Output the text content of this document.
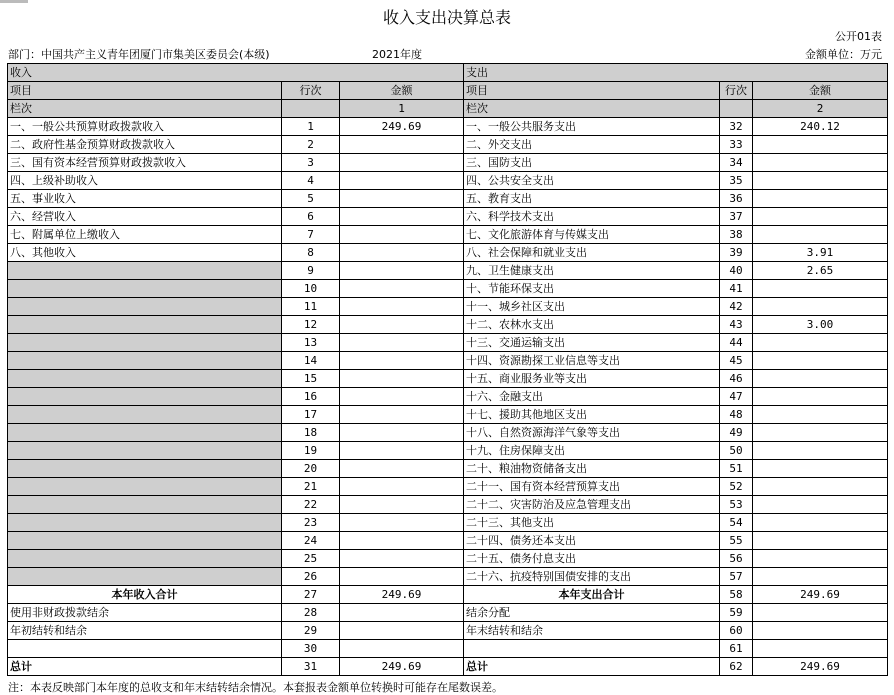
收入支出决算总表
公开01表
部门：中国共产主义青年团厦门市集美区委员会(本级)	2021年度	金额单位：万元
收入			支出		
项目	行次	金额	项目	行次	金额
栏次		1	栏次		2
一、一般公共预算财政拨款收入	1	249.69	一、一般公共服务支出	32	240.12
二、政府性基金预算财政拨款收入	2		二、外交支出	33	
三、国有资本经营预算财政拨款收入	3		三、国防支出	34	
四、上级补助收入	4		四、公共安全支出	35	
五、事业收入	5		五、教育支出	36	
六、经营收入	6		六、科学技术支出	37	
七、附属单位上缴收入	7		七、文化旅游体育与传媒支出	38	
八、其他收入	8		八、社会保障和就业支出	39	3.91
	9		九、卫生健康支出	40	2.65
	10		十、节能环保支出	41	
	11		十一、城乡社区支出	42	
	12		十二、农林水支出	43	3.00
	13		十三、交通运输支出	44	
	14		十四、资源勘探工业信息等支出	45	
	15		十五、商业服务业等支出	46	
	16		十六、金融支出	47	
	17		十七、援助其他地区支出	48	
	18		十八、自然资源海洋气象等支出	49	
	19		十九、住房保障支出	50	
	20		二十、粮油物资储备支出	51	
	21		二十一、国有资本经营预算支出	52	
	22		二十二、灾害防治及应急管理支出	53	
	23		二十三、其他支出	54	
	24		二十四、债务还本支出	55	
	25		二十五、债务付息支出	56	
	26		二十六、抗疫特别国债安排的支出	57	
本年收入合计	27	249.69	本年支出合计	58	249.69
使用非财政拨款结余	28		结余分配	59	
年初结转和结余	29		年末结转和结余	60	
	30			61	
总计	31	249.69	总计	62	249.69
注：本表反映部门本年度的总收支和年末结转结余情况。本套报表金额单位转换时可能存在尾数误差。
